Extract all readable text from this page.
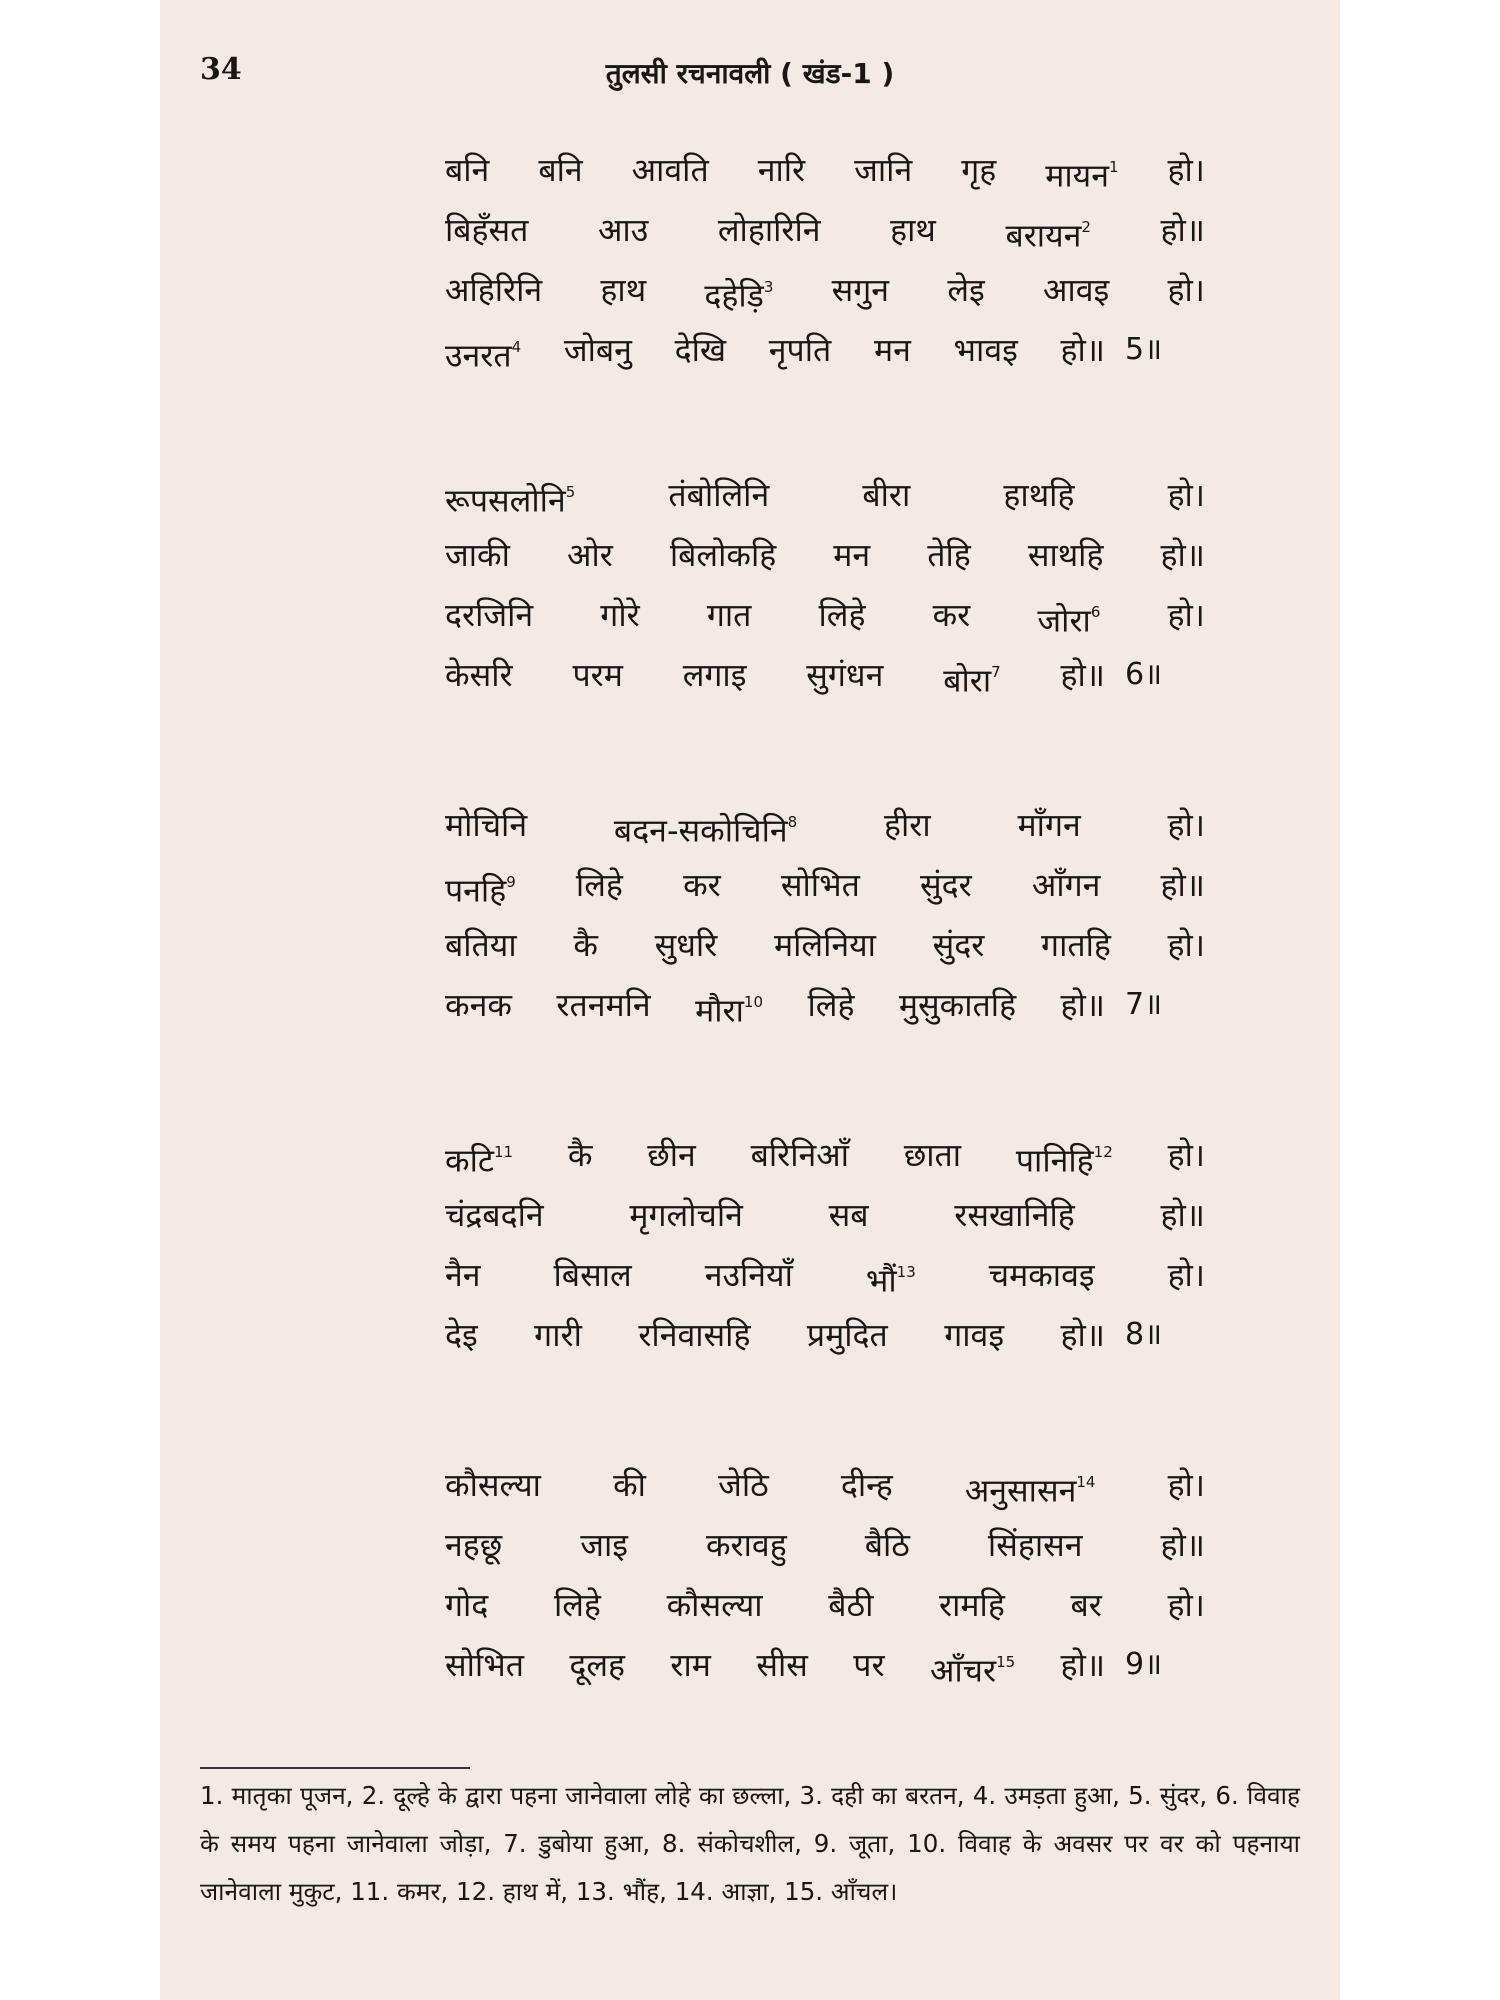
34	तुलसी रचनावली ( खंड-1 )
बनि बनि आवति नारि जानि गृह मायन$^1$ हो।
बिहँसत आउ लोहारिनि हाथ बरायन$^2$ हो॥
अहिरिनि हाथ दहेड़ि$^3$ सगुन लेइ आवइ हो।
उनरत$^4$ जोबनु देखि नृपति मन भावइ हो॥ 5॥
रूपसलोनि$^5$	तंबोलिनि	बीरा	हाथहि	हो।
जाकी ओर बिलोकहि मन तेहि साथहि हो॥
दरजिनि गोरे गात लिहे कर जोरा$^6$ हो।
केसरि परम लगाइ सुगंधन बोरा$^7$ हो॥ 6॥
मोचिनि	बदन-सकोचिनि$^8$	हीरा	माँगन	हो।
पनहि$^9$ लिहे कर सोभित सुंदर आँगन हो॥
बतिया कै सुधरि मलिनिया सुंदर गातहि हो।
कनक रतनमनि मौरा$^{10}$ लिहे मुसुकातहि हो॥ 7॥
कटि$^{11}$ कै छीन बरिनिआँ छाता पानिहि$^{12}$ हो।
चंद्रबदनि	मृगलोचनि	सब	रसखानिहि	हो॥
नैन बिसाल नउनियाँ भौं$^{13}$ चमकावइ हो।
देइ गारी रनिवासहि प्रमुदित गावइ हो॥ 8॥
कौसल्या की जेठि दीन्ह अनुसासन$^{14}$ हो।
नहछू जाइ करावहु बैठि सिंहासन हो॥
गोद लिहे कौसल्या बैठी रामहि बर हो।
सोभित दूलह राम सीस पर आँचर$^{15}$ हो॥ 9॥
1. मातृका पूजन, 2. दूल्हे के द्वारा पहना जानेवाला लोहे का छल्ला, 3. दही का बरतन, 4. उमड़ता हुआ, 5. सुंदर, 6. विवाह के समय पहना जानेवाला जोड़ा, 7. डुबोया हुआ, 8. संकोचशील, 9. जूता, 10. विवाह के अवसर पर वर को पहनाया जानेवाला मुकुट, 11. कमर, 12. हाथ में, 13. भौंह, 14. आज्ञा, 15. आँचल।
